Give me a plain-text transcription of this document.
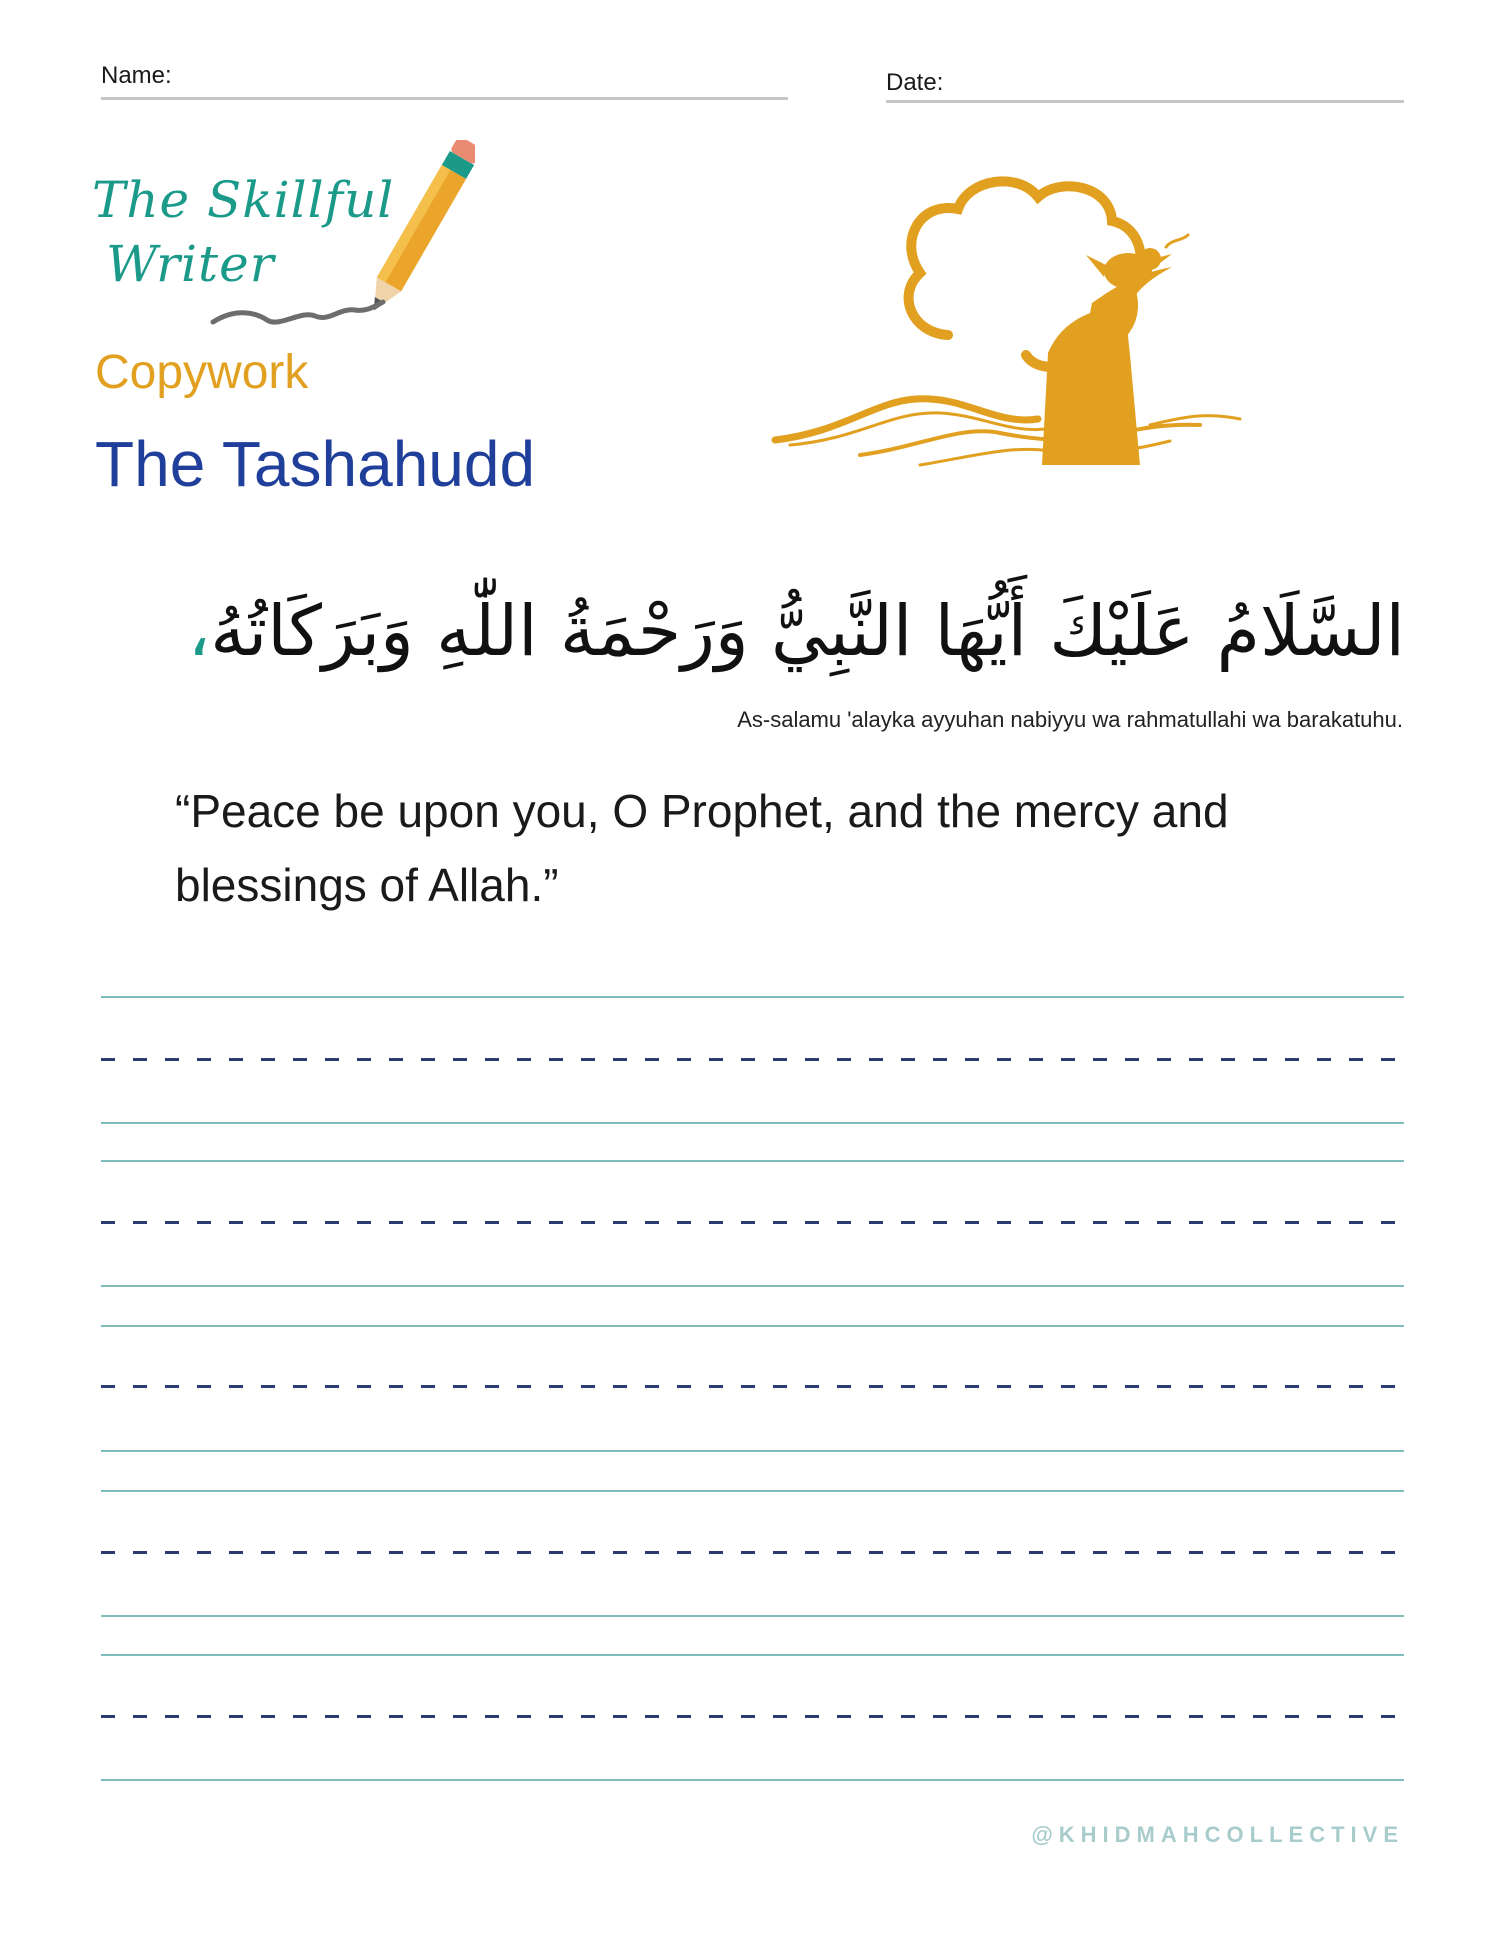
Name:	Date:
The Skillful
Writer
Copywork
The Tashahudd
السَّلَامُ عَلَيْكَ أَيُّهَا النَّبِيُّ وَرَحْمَةُ اللّٰهِ وَبَرَكَاتُهُ،
As-salamu 'alayka ayyuhan nabiyyu wa rahmatullahi wa barakatuhu.
“Peace be upon you, O Prophet, and the mercy and blessings of Allah.”
@KHIDMAHCOLLECTIVE
